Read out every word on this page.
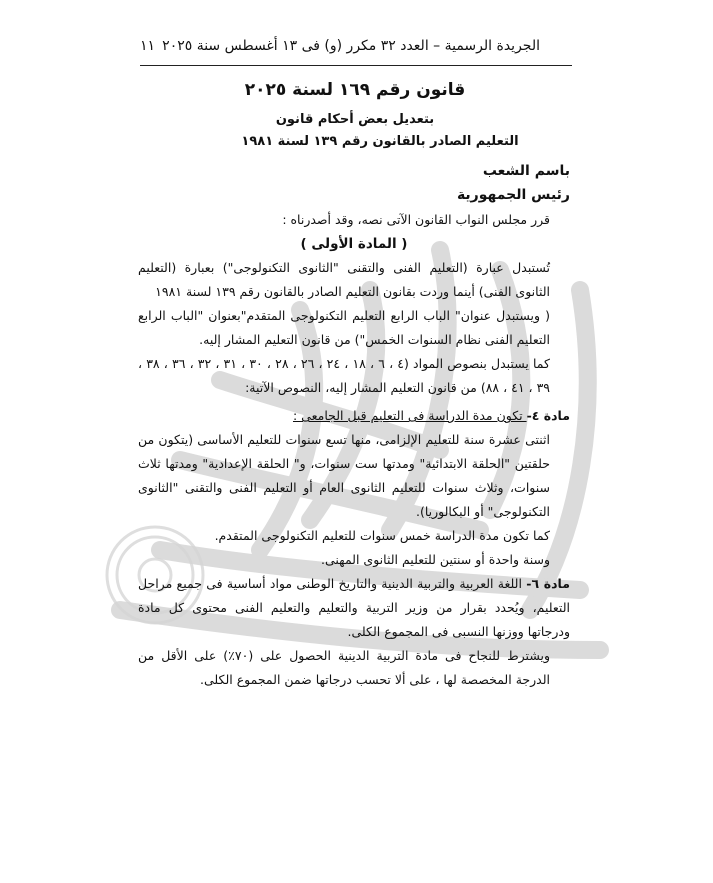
الجريدة الرسمية – العدد ٣٢ مكرر (و) فى ١٣ أغسطس سنة ٢٠٢٥
١١
قانون رقم ١٦٩ لسنة ٢٠٢٥
بتعديل بعض أحكام قانون
التعليم الصادر بالقانون رقم ١٣٩ لسنة ١٩٨١
باسم الشعب
رئيس الجمهورية

قرر مجلس النواب القانون الآتى نصه، وقد أصدرناه :

( المادة الأولى )

تُستبدل عبارة (التعليم الفنى والتقنى "الثانوى التكنولوجى") بعبارة (التعليم الثانوى الفنى) أينما وردت بقانون التعليم الصادر بالقانون رقم ١٣٩ لسنة ١٩٨١

( ويستبدل عنوان" الباب الرابع التعليم التكنولوجى المتقدم"بعنوان "الباب الرابع التعليم الفنى نظام السنوات الخمس") من قانون التعليم المشار إليه.

كما يستبدل بنصوص المواد (٤ ، ٦ ، ١٨ ، ٢٤ ، ٢٦ ، ٢٨ ، ٣٠ ، ٣١ ، ٣٢ ، ٣٦ ، ٣٨ ، ٣٩ ، ٤١ ، ٨٨) من قانون التعليم المشار إليه، النصوص الآتية:

مادة ٤- تكون مدة الدراسة فى التعليم قبل الجامعى :

اثنتى عشرة سنة للتعليم الإلزامى، منها تسع سنوات للتعليم الأساسى (يتكون من حلقتين "الحلقة الابتدائية" ومدتها ست سنوات، و" الحلقة الإعدادية" ومدتها ثلاث سنوات، وثلاث سنوات للتعليم الثانوى العام أو التعليم الفنى والتقنى "الثانوى التكنولوجى" أو البكالوريا).

كما تكون مدة الدراسة خمس سنوات للتعليم التكنولوجى المتقدم.

وسنة واحدة أو سنتين للتعليم الثانوى المهنى.

مادة ٦- اللغة العربية والتربية الدينية والتاريخ الوطنى مواد أساسية فى جميع مراحل التعليم، ويُحدد بقرار من وزير التربية والتعليم والتعليم الفنى محتوى كل مادة ودرجاتها ووزنها النسبى فى المجموع الكلى.

ويشترط للنجاح فى مادة التربية الدينية الحصول على (٧٠٪) على الأقل من الدرجة المخصصة لها ، على ألا تحسب درجاتها ضمن المجموع الكلى.
